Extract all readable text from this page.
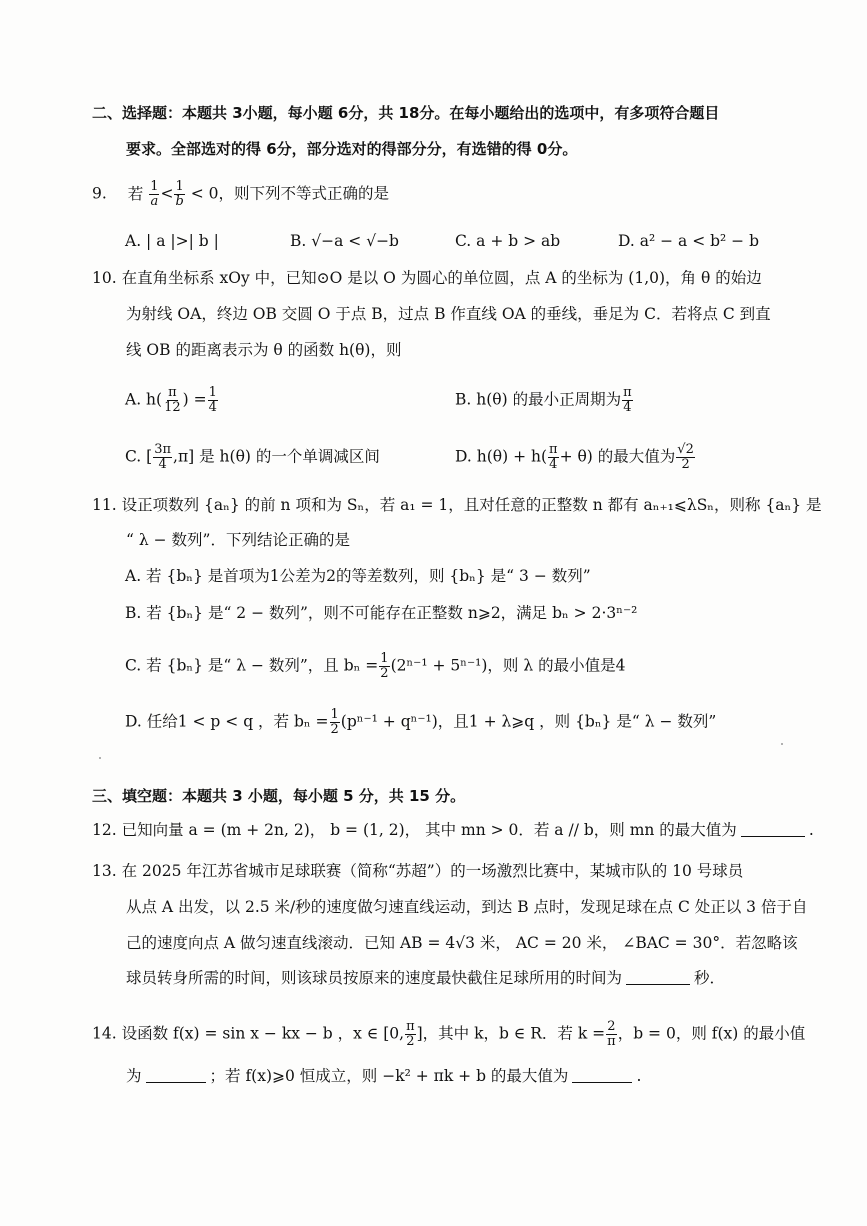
二、选择题：本题共 3小题，每小题 6分，共 18分。在每小题给出的选项中，有多项符合题目
要求。全部选对的得 6分，部分选对的得部分分，有选错的得 0分。
9. 若 $\frac{1}{a} < \frac{1}{b} < 0$，则下列不等式正确的是
A. | a |>| b |	B. √−a < √−b	C. a + b > ab	D. a² − a < b² − b
10. 在直角坐标系 xOy 中，已知⊙O 是以 O 为圆心的单位圆，点 A 的坐标为 (1,0)，角 θ 的始边
为射线 OA，终边 OB 交圆 O 于点 B，过点 B 作直线 OA 的垂线，垂足为 C．若将点 C 到直
线 OB 的距离表示为 θ 的函数 h(θ)，则
A. $h( \frac{\pi}{12}$ ) = $\frac{1}{4}$	B. h(θ) 的最小正周期为 $\frac{\pi}{4}$
C. [ $\frac{3\pi}{4} ,\pi$] 是 h(θ) 的一个单调减区间	D. $h(\theta) + h( \frac{\pi}{4} + \theta)$ 的最大值为 $\frac{√2}{2}$
11. 设正项数列 {aₙ} 的前 n 项和为 Sₙ，若 a₁ = 1，且对任意的正整数 n 都有 aₙ₊₁⩽λSₙ，则称 {aₙ} 是
“ λ − 数列”．下列结论正确的是
A. 若 {bₙ} 是首项为1公差为2的等差数列，则 {bₙ} 是“ 3 − 数列”
B. 若 {bₙ} 是“ 2 − 数列”，则不可能存在正整数 n⩾2，满足 bₙ > 2·3ⁿ⁻²
C. 若 {bₙ} 是“ λ − 数列”，且 $b_n = \frac{1}{2} (2^{n-1} + 5^{n-1})$，则 λ 的最小值是4
D. 任给1 < p < q ，若 $b_n = \frac{1}{2} (p^{n-1} + q^{n-1})$，且1 + λ⩾q ，则 {bₙ} 是“ λ − 数列”
三、填空题：本题共 3 小题，每小题 5 分，共 15 分。
12. 已知向量 a = (m + 2n, 2)， b = (1, 2)， 其中 mn > 0．若 a // b，则 mn 的最大值为	.
13. 在 2025 年江苏省城市足球联赛（简称“苏超”）的一场激烈比赛中，某城市队的 10 号球员
从点 A 出发，以 2.5 米/秒的速度做匀速直线运动，到达 B 点时，发现足球在点 C 处正以 3 倍于自
己的速度向点 A 做匀速直线滚动．已知 AB = 4√3 米， AC = 20 米， ∠BAC = 30°．若忽略该
球员转身所需的时间，则该球员按原来的速度最快截住足球所用的时间为	秒．
14. 设函数 f(x) = sin x − kx − b ，x ∈ [0, $\frac{\pi}{2}$ ]，其中 k，b ∈ R．若 $k = \frac{2}{\pi}$ ，b = 0，则 f(x) 的最小值
为	；若 f(x)⩾0 恒成立，则 −k² + πk + b 的最大值为	.
